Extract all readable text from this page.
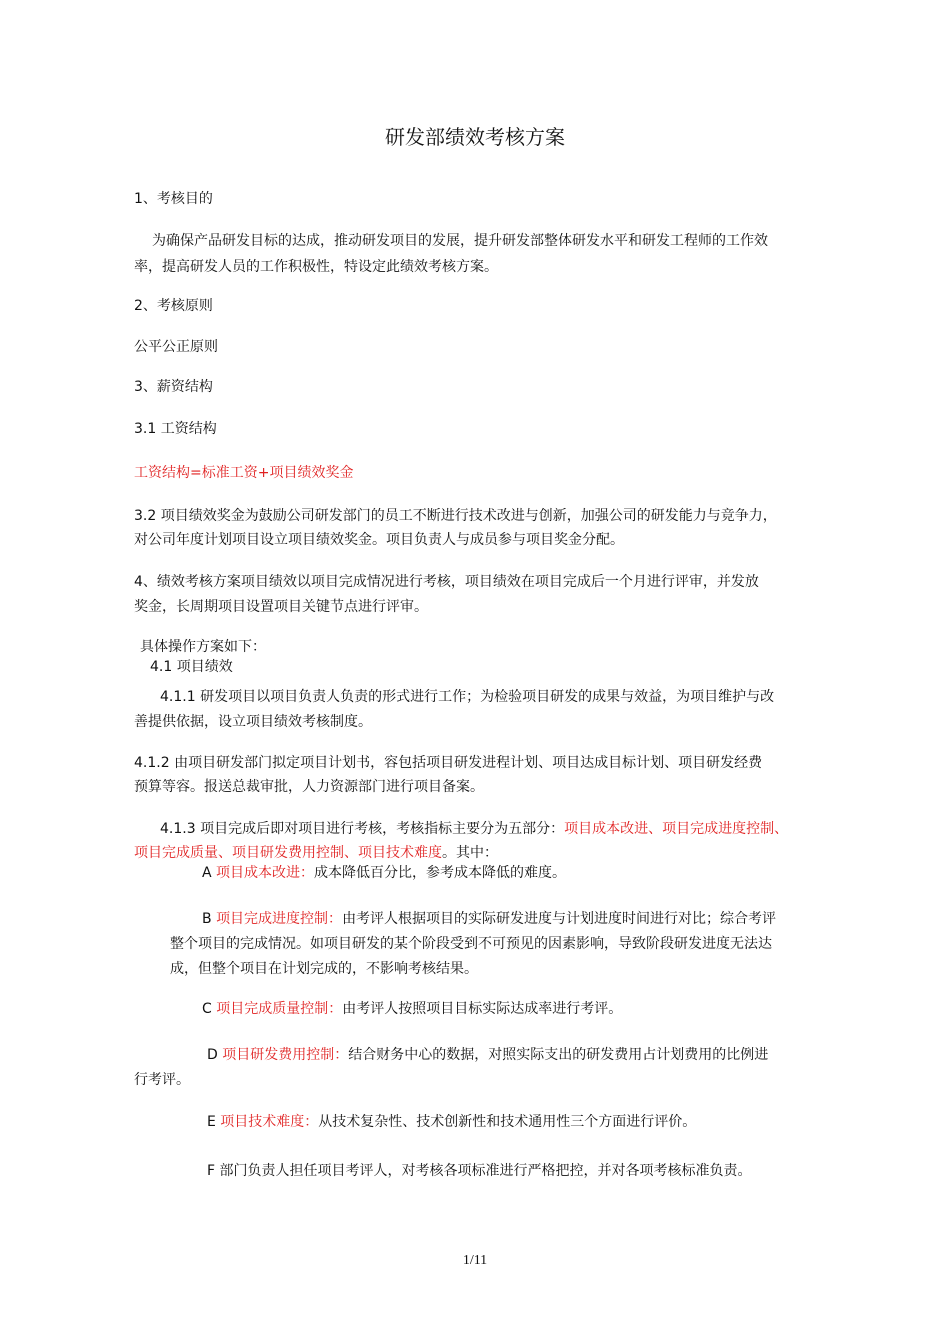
研发部绩效考核方案
1、考核目的
为确保产品研发目标的达成，推动研发项目的发展，提升研发部整体研发水平和研发工程师的工作效
率，提高研发人员的工作积极性，特设定此绩效考核方案。
2、考核原则
公平公正原则
3、薪资结构
3.1 工资结构
工资结构=标准工资+项目绩效奖金
3.2 项目绩效奖金为鼓励公司研发部门的员工不断进行技术改进与创新，加强公司的研发能力与竞争力，
对公司年度计划项目设立项目绩效奖金。项目负责人与成员参与项目奖金分配。
4、绩效考核方案项目绩效以项目完成情况进行考核，项目绩效在项目完成后一个月进行评审，并发放
奖金，长周期项目设置项目关键节点进行评审。
具体操作方案如下：
4.1 项目绩效
4.1.1 研发项目以项目负责人负责的形式进行工作；为检验项目研发的成果与效益，为项目维护与改
善提供依据，设立项目绩效考核制度。
4.1.2 由项目研发部门拟定项目计划书，容包括项目研发进程计划、项目达成目标计划、项目研发经费
预算等容。报送总裁审批，人力资源部门进行项目备案。
4.1.3 项目完成后即对项目进行考核，考核指标主要分为五部分：项目成本改进、项目完成进度控制、
项目完成质量、项目研发费用控制、项目技术难度。其中：
A 项目成本改进：成本降低百分比，参考成本降低的难度。
B 项目完成进度控制：由考评人根据项目的实际研发进度与计划进度时间进行对比；综合考评
整个项目的完成情况。如项目研发的某个阶段受到不可预见的因素影响，导致阶段研发进度无法达
成，但整个项目在计划完成的，不影响考核结果。
C 项目完成质量控制：由考评人按照项目目标实际达成率进行考评。
D 项目研发费用控制：结合财务中心的数据，对照实际支出的研发费用占计划费用的比例进
行考评。
E 项目技术难度：从技术复杂性、技术创新性和技术通用性三个方面进行评价。
F 部门负责人担任项目考评人，对考核各项标准进行严格把控，并对各项考核标准负责。
1/11
